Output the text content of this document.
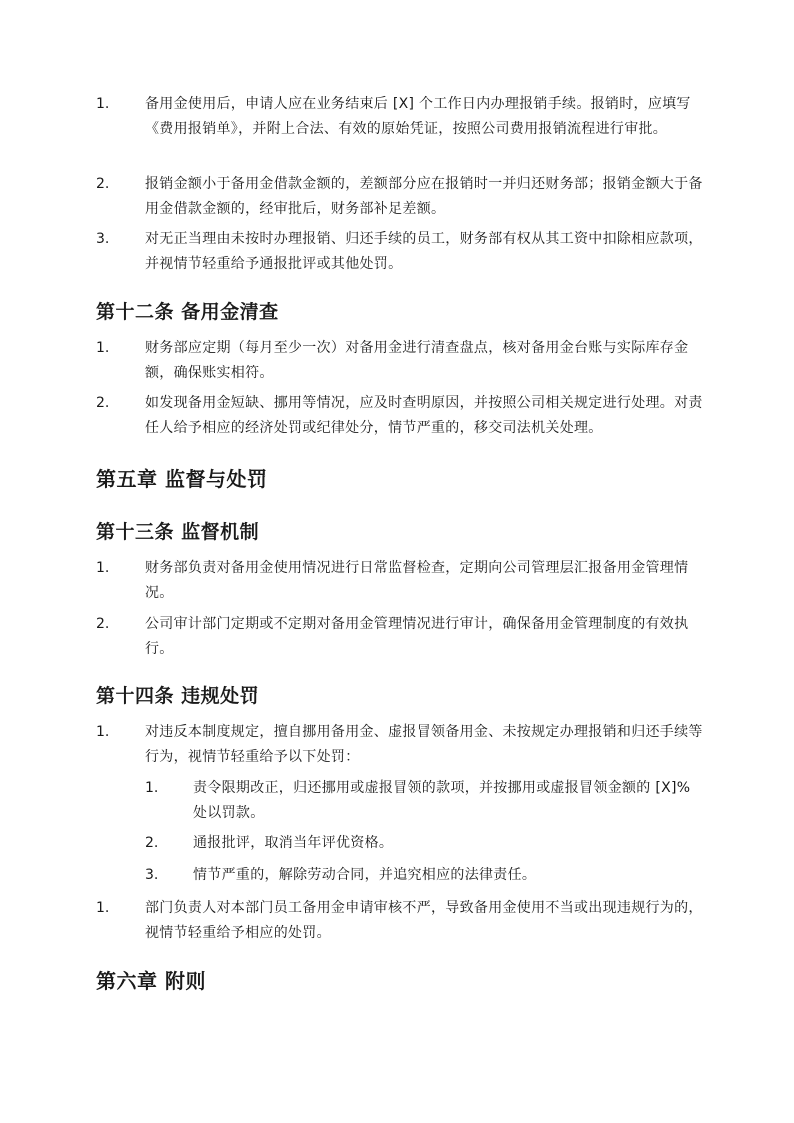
1.	备用金使用后，申请人应在业务结束后 [X] 个工作日内办理报销手续。报销时，应填写《费用报销单》，并附上合法、有效的原始凭证，按照公司费用报销流程进行审批。
2.	报销金额小于备用金借款金额的，差额部分应在报销时一并归还财务部；报销金额大于备用金借款金额的，经审批后，财务部补足差额。
3.	对无正当理由未按时办理报销、归还手续的员工，财务部有权从其工资中扣除相应款项，并视情节轻重给予通报批评或其他处罚。
第十二条 备用金清查
1.	财务部应定期（每月至少一次）对备用金进行清查盘点，核对备用金台账与实际库存金额，确保账实相符。
2.	如发现备用金短缺、挪用等情况，应及时查明原因，并按照公司相关规定进行处理。对责任人给予相应的经济处罚或纪律处分，情节严重的，移交司法机关处理。
第五章 监督与处罚
第十三条 监督机制
1.	财务部负责对备用金使用情况进行日常监督检查，定期向公司管理层汇报备用金管理情况。
2.	公司审计部门定期或不定期对备用金管理情况进行审计，确保备用金管理制度的有效执行。
第十四条 违规处罚
1.	对违反本制度规定，擅自挪用备用金、虚报冒领备用金、未按规定办理报销和归还手续等行为，视情节轻重给予以下处罚：
1. 责令限期改正，归还挪用或虚报冒领的款项，并按挪用或虚报冒领金额的 [X]% 处以罚款。
2. 通报批评，取消当年评优资格。
3. 情节严重的，解除劳动合同，并追究相应的法律责任。
1.	部门负责人对本部门员工备用金申请审核不严，导致备用金使用不当或出现违规行为的，视情节轻重给予相应的处罚。
第六章 附则
